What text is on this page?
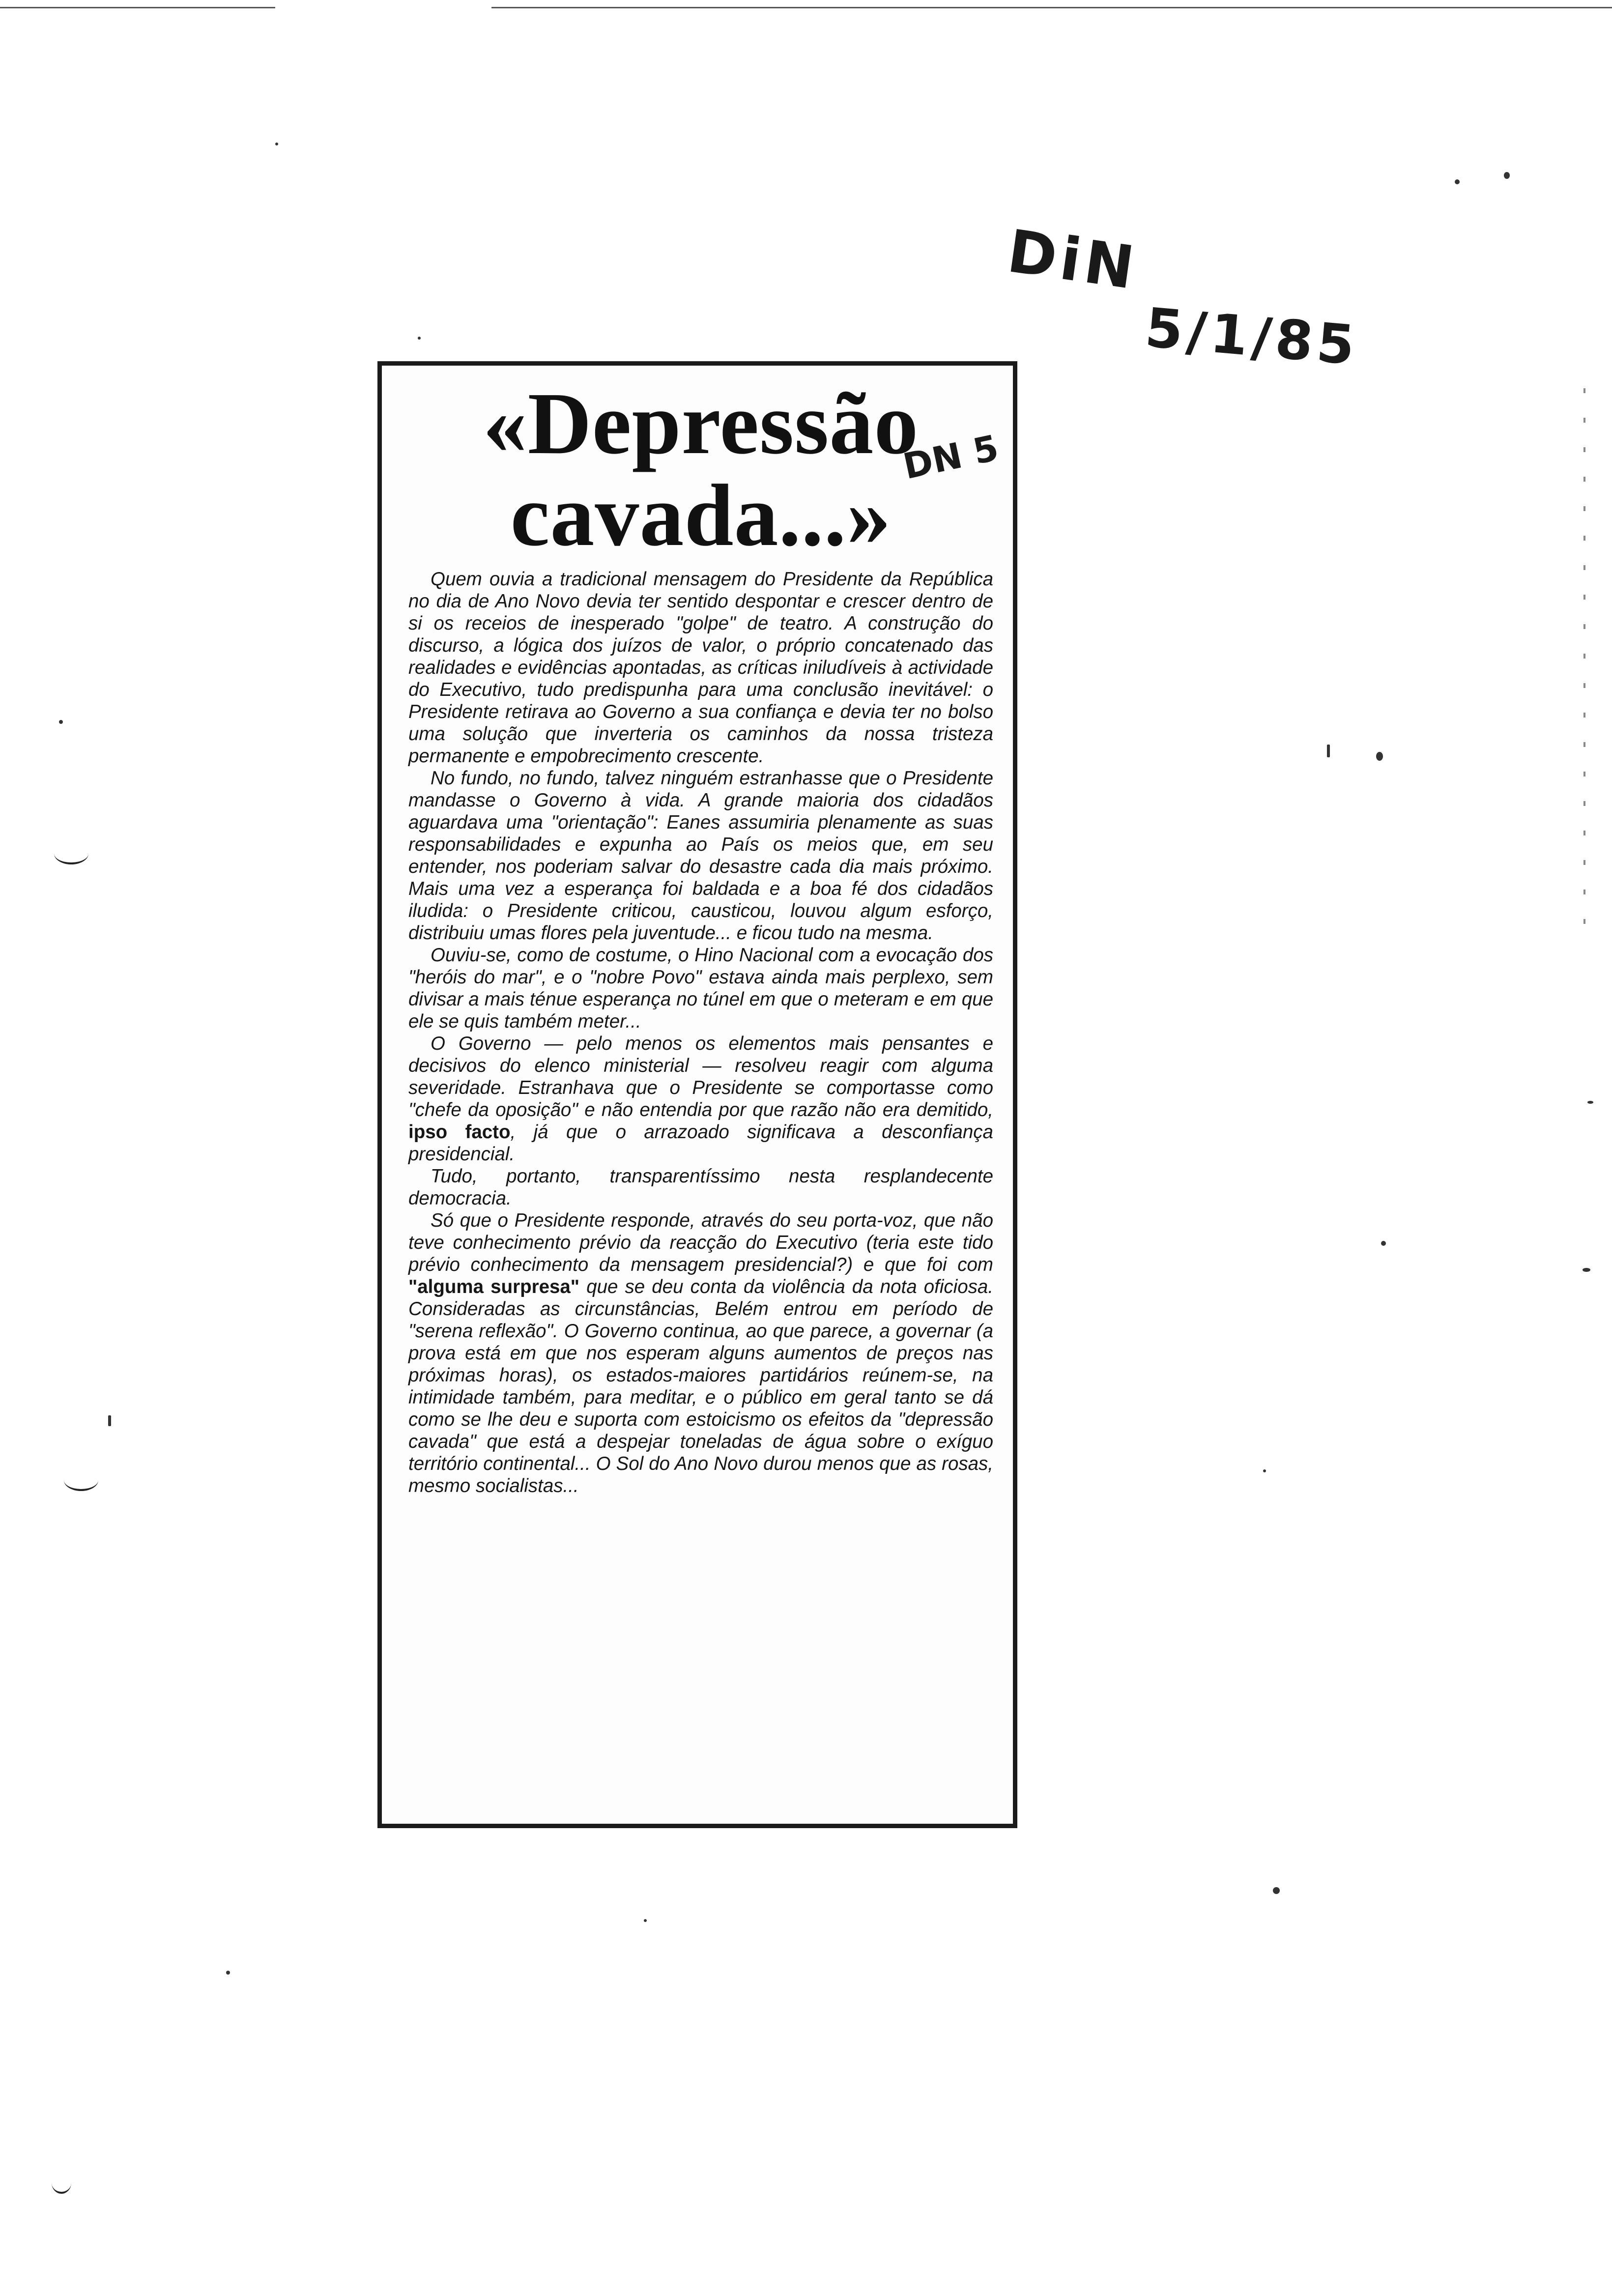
DiN
5/1/85
«Depressão
cavada...»
DN 5

Quem ouvia a tradicional mensagem do Presidente da República no dia de Ano Novo devia ter sentido despontar e crescer dentro de si os receios de inesperado "golpe" de teatro. A construção do discurso, a lógica dos juízos de valor, o próprio concatenado das realidades e evidências apontadas, as críticas iniludíveis à actividade do Executivo, tudo predispunha para uma conclusão inevitável: o Presidente retirava ao Governo a sua confiança e devia ter no bolso uma solução que inverteria os caminhos da nossa tristeza permanente e empobrecimento crescente.

No fundo, no fundo, talvez ninguém estranhasse que o Presidente mandasse o Governo à vida. A grande maioria dos cidadãos aguardava uma "orientação": Eanes assumiria plenamente as suas responsabilidades e expunha ao País os meios que, em seu entender, nos poderiam salvar do desastre cada dia mais próximo. Mais uma vez a esperança foi baldada e a boa fé dos cidadãos iludida: o Presidente criticou, causticou, louvou algum esforço, distribuiu umas flores pela juventude... e ficou tudo na mesma.

Ouviu-se, como de costume, o Hino Nacional com a evocação dos "heróis do mar", e o "nobre Povo" estava ainda mais perplexo, sem divisar a mais ténue esperança no túnel em que o meteram e em que ele se quis também meter...

O Governo — pelo menos os elementos mais pensantes e decisivos do elenco ministerial — resolveu reagir com alguma severidade. Estranhava que o Presidente se comportasse como "chefe da oposição" e não entendia por que razão não era demitido, ipso facto, já que o arrazoado significava a desconfiança presidencial.

Tudo, portanto, transparentíssimo nesta resplandecente democracia.

Só que o Presidente responde, através do seu porta-voz, que não teve conhecimento prévio da reacção do Executivo (teria este tido prévio conhecimento da mensagem presidencial?) e que foi com "alguma surpresa" que se deu conta da violência da nota oficiosa. Consideradas as circunstâncias, Belém entrou em período de "serena reflexão". O Governo continua, ao que parece, a governar (a prova está em que nos esperam alguns aumentos de preços nas próximas horas), os estados-maiores partidários reúnem-se, na intimidade também, para meditar, e o público em geral tanto se dá como se lhe deu e suporta com estoicismo os efeitos da "depressão cavada" que está a despejar toneladas de água sobre o exíguo território continental... O Sol do Ano Novo durou menos que as rosas, mesmo socialistas...
